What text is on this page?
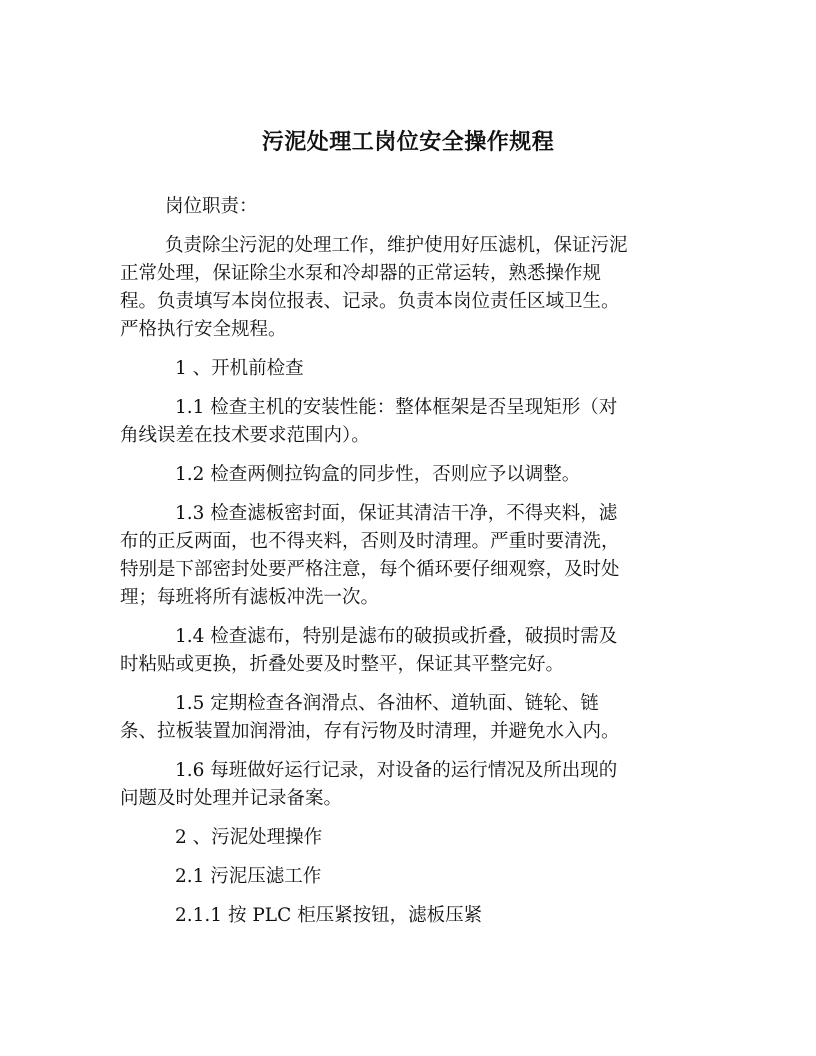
污泥处理工岗位安全操作规程
岗位职责：
负责除尘污泥的处理工作，维护使用好压滤机，保证污泥
正常处理，保证除尘水泵和冷却器的正常运转，熟悉操作规
程。负责填写本岗位报表、记录。负责本岗位责任区域卫生。
严格执行安全规程。
1 、开机前检查
1.1 检查主机的安装性能：整体框架是否呈现矩形（对
角线误差在技术要求范围内）。
1.2 检查两侧拉钩盒的同步性，否则应予以调整。
1.3 检查滤板密封面，保证其清洁干净，不得夹料，滤
布的正反两面，也不得夹料，否则及时清理。严重时要清洗，
特别是下部密封处要严格注意，每个循环要仔细观察，及时处
理；每班将所有滤板冲洗一次。
1.4 检查滤布，特别是滤布的破损或折叠，破损时需及
时粘贴或更换，折叠处要及时整平，保证其平整完好。
1.5 定期检查各润滑点、各油杯、道轨面、链轮、链
条、拉板装置加润滑油，存有污物及时清理，并避免水入内。
1.6 每班做好运行记录，对设备的运行情况及所出现的
问题及时处理并记录备案。
2 、污泥处理操作
2.1 污泥压滤工作
2.1.1 按 PLC 柜压紧按钮，滤板压紧
